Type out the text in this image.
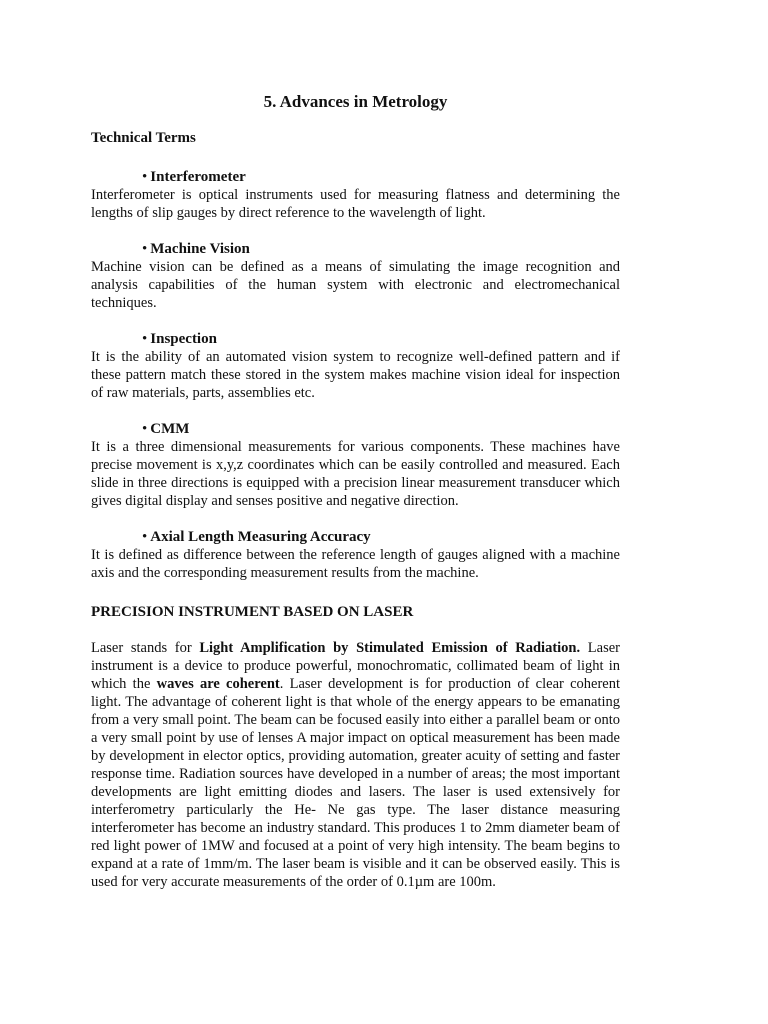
5. Advances in Metrology
Technical Terms

• Interferometer

Interferometer is optical instruments used for measuring flatness and determining the lengths of slip gauges by direct reference to the wavelength of light.

• Machine Vision

Machine vision can be defined as a means of simulating the image recognition and analysis capabilities of the human system with electronic and electromechanical techniques.

• Inspection

It is the ability of an automated vision system to recognize well-defined pattern and if these pattern match these stored in the system makes machine vision ideal for inspection of raw materials, parts, assemblies etc.

• CMM

It is a three dimensional measurements for various components. These machines have precise movement is x,y,z coordinates which can be easily controlled and measured. Each slide in three directions is equipped with a precision linear measurement transducer which gives digital display and senses positive and negative direction.

• Axial Length Measuring Accuracy

It is defined as difference between the reference length of gauges aligned with a machine axis and the corresponding measurement results from the machine.

PRECISION INSTRUMENT BASED ON LASER

Laser stands for Light Amplification by Stimulated Emission of Radiation. Laser instrument is a device to produce powerful, monochromatic, collimated beam of light in which the waves are coherent. Laser development is for production of clear coherent light. The advantage of coherent light is that whole of the energy appears to be emanating from a very small point. The beam can be focused easily into either a parallel beam or onto a very small point by use of lenses A major impact on optical measurement has been made by development in elector optics, providing automation, greater acuity of setting and faster response time. Radiation sources have developed in a number of areas; the most important developments are light emitting diodes and lasers. The laser is used extensively for interferometry particularly the He- Ne gas type. The laser distance measuring interferometer has become an industry standard. This produces 1 to 2mm diameter beam of red light power of 1MW and focused at a point of very high intensity. The beam begins to expand at a rate of 1mm/m. The laser beam is visible and it can be observed easily. This is used for very accurate measurements of the order of 0.1µm are 100m.
